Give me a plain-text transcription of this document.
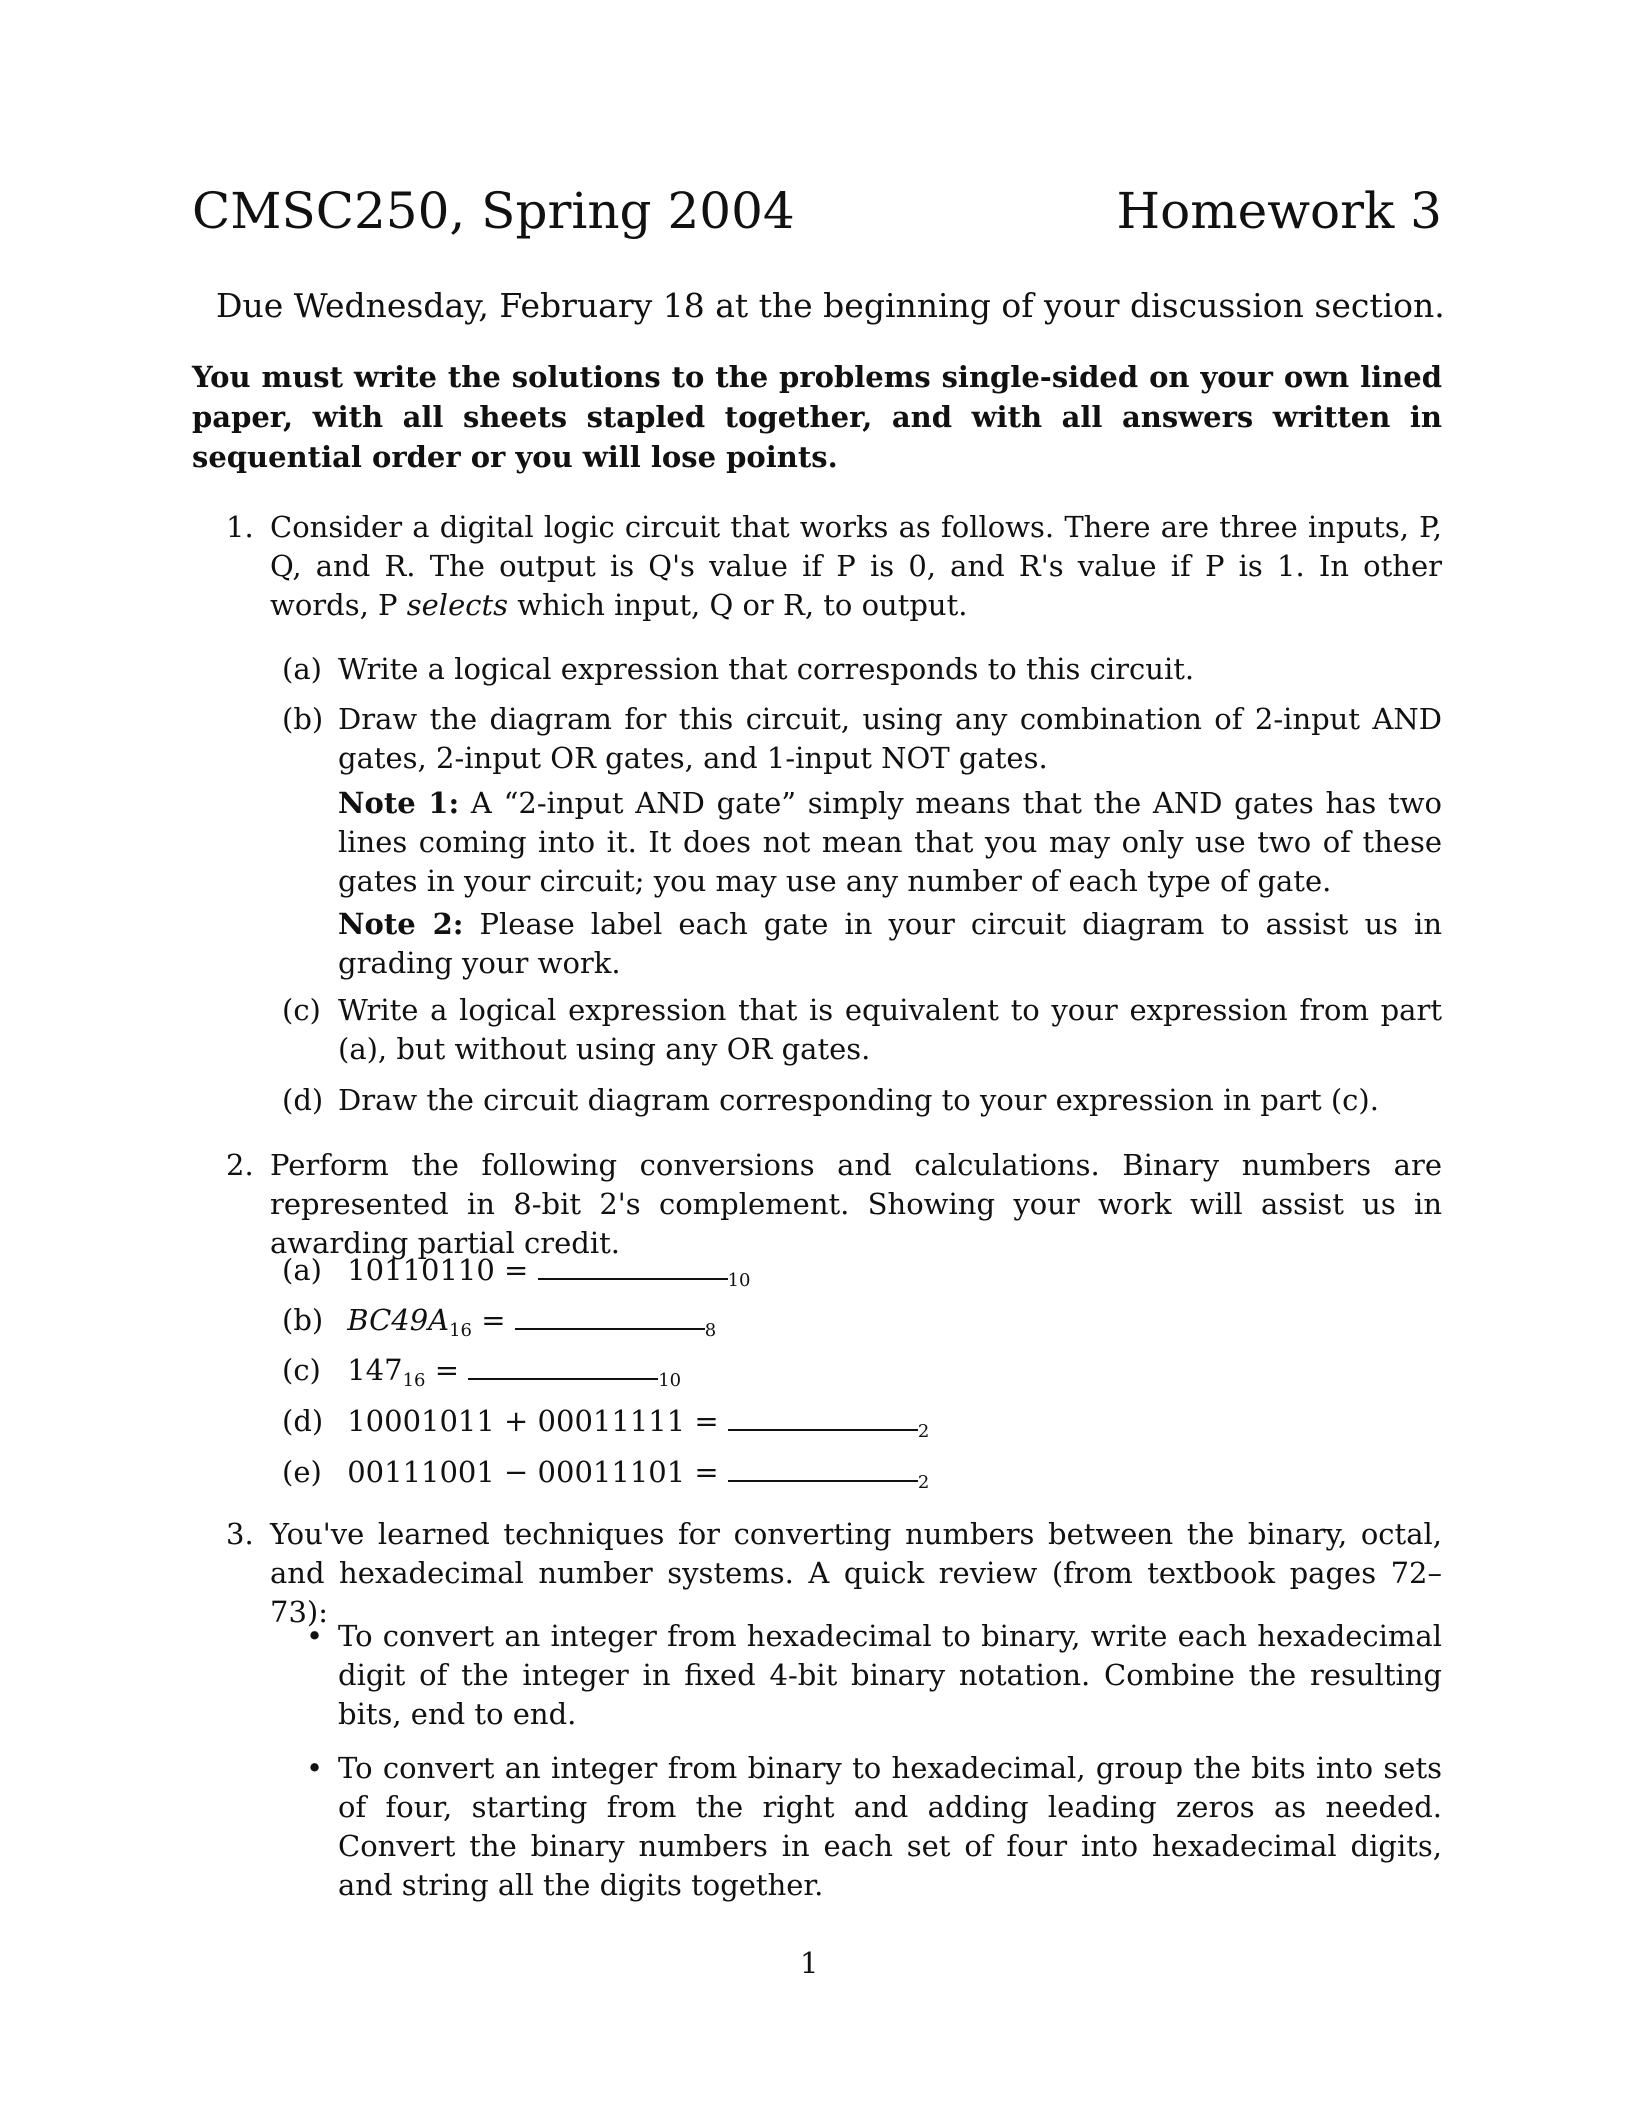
CMSC250, Spring 2004	Homework 3
Due Wednesday, February 18 at the beginning of your discussion section.
You must write the solutions to the problems single-sided on your own lined paper, with all sheets stapled together, and with all answers written in sequential order or you will lose points.
1. Consider a digital logic circuit that works as follows. There are three inputs, P, Q, and R. The output is Q's value if P is 0, and R's value if P is 1. In other words, P selects which input, Q or R, to output.
(a) Write a logical expression that corresponds to this circuit.
(b) Draw the diagram for this circuit, using any combination of 2-input AND gates, 2-input OR gates, and 1-input NOT gates.
Note 1: A “2-input AND gate” simply means that the AND gates has two lines coming into it. It does not mean that you may only use two of these gates in your circuit; you may use any number of each type of gate.
Note 2: Please label each gate in your circuit diagram to assist us in grading your work.
(c) Write a logical expression that is equivalent to your expression from part (a), but without using any OR gates.
(d) Draw the circuit diagram corresponding to your expression in part (c).
2. Perform the following conversions and calculations. Binary numbers are represented in 8-bit 2's complement. Showing your work will assist us in awarding partial credit.
(a) 10110110 =	$_{10}$
(b) $BC49A_{16}$ =	$_8$
(c) $147_{16}$ =	$_{10}$
(d) 10001011 + 00011111 =	$_2$
(e) 00111001 − 00011101 =	$_2$
3. You've learned techniques for converting numbers between the binary, octal, and hexadecimal number systems. A quick review (from textbook pages 72–73):
• To convert an integer from hexadecimal to binary, write each hexadecimal digit of the integer in fixed 4-bit binary notation. Combine the resulting bits, end to end.
• To convert an integer from binary to hexadecimal, group the bits into sets of four, starting from the right and adding leading zeros as needed. Convert the binary numbers in each set of four into hexadecimal digits, and string all the digits together.
1
